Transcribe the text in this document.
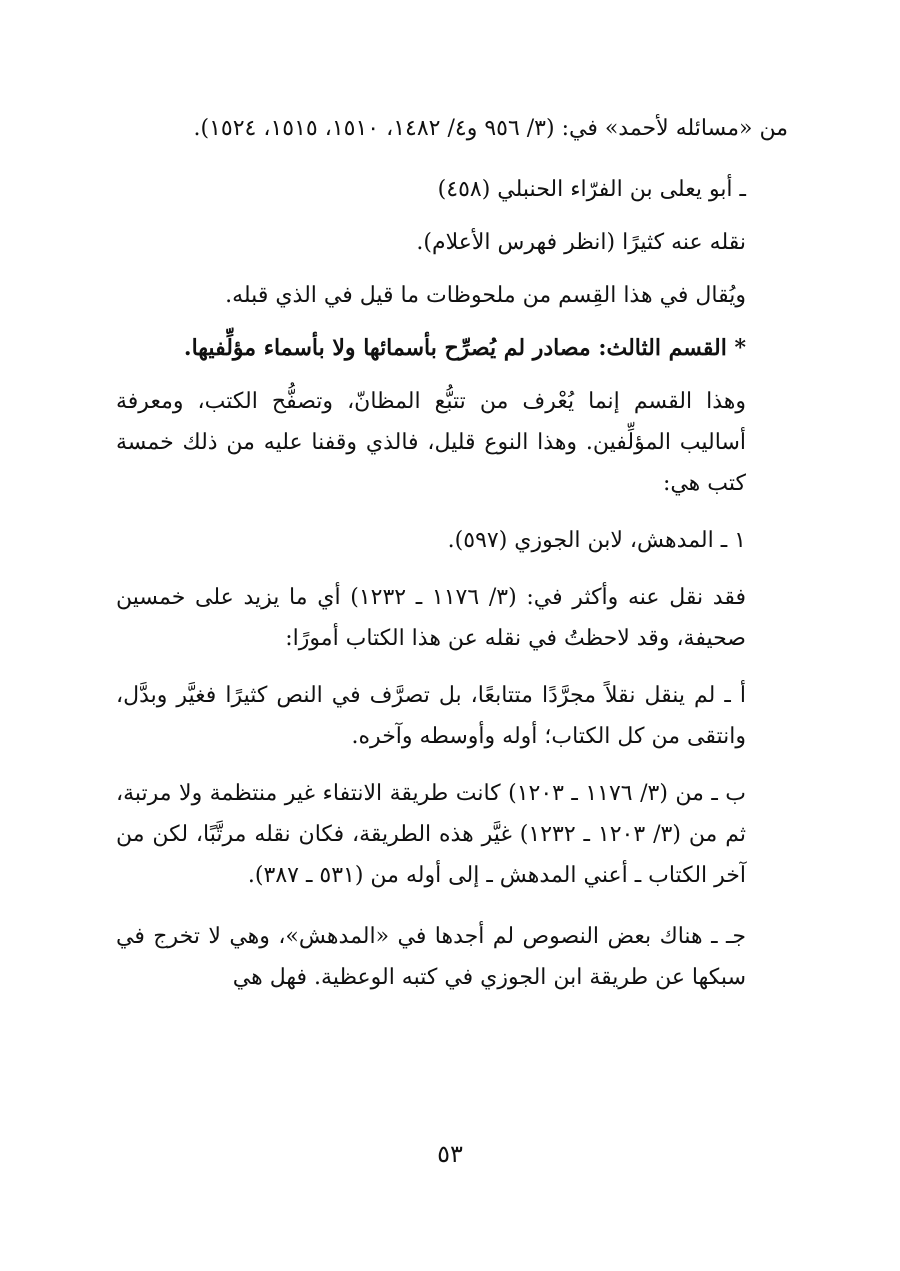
من «مسائله لأحمد» في: (٣/ ٩٥٦ و٤/ ١٤٨٢، ١٥١٠، ١٥١٥، ١٥٢٤).

ـ أبو يعلى بن الفرّاء الحنبلي (٤٥٨)

نقله عنه كثيرًا (انظر فهرس الأعلام).

ويُقال في هذا القِسم من ملحوظات ما قيل في الذي قبله.

* القسم الثالث: مصادر لم يُصرِّح بأسمائها ولا بأسماء مؤلِّفيها.

وهذا القسم إنما يُعْرف من تتبُّع المظانّ، وتصفُّح الكتب، ومعرفة أساليب المؤلِّفين. وهذا النوع قليل، فالذي وقفنا عليه من ذلك خمسة كتب هي:

١ ـ المدهش، لابن الجوزي (٥٩٧).

فقد نقل عنه وأكثر في: (٣/ ١١٧٦ ـ ١٢٣٢) أي ما يزيد على خمسين صحيفة، وقد لاحظتُ في نقله عن هذا الكتاب أمورًا:

أ ـ لم ينقل نقلاً مجرَّدًا متتابعًا، بل تصرَّف في النص كثيرًا فغيَّر وبدَّل، وانتقى من كل الكتاب؛ أوله وأوسطه وآخره.

ب ـ من (٣/ ١١٧٦ ـ ١٢٠٣) كانت طريقة الانتفاء غير منتظمة ولا مرتبة، ثم من (٣/ ١٢٠٣ ـ ١٢٣٢) غيَّر هذه الطريقة، فكان نقله مرتَّبًا، لكن من آخر الكتاب ـ أعني المدهش ـ إلى أوله من (٥٣١ ـ ٣٨٧).

جـ ـ هناك بعض النصوص لم أجدها في «المدهش»، وهي لا تخرج في سبكها عن طريقة ابن الجوزي في كتبه الوعظية. فهل هي

٥٣
